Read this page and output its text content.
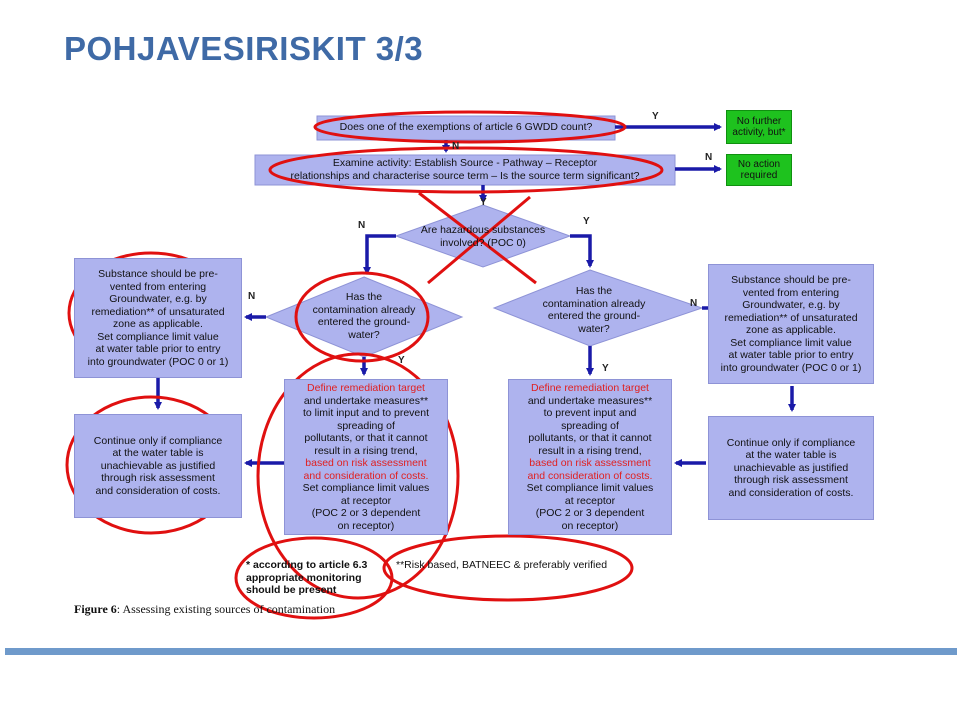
POHJAVESIRISKIT 3/3
Does one of the exemptions of article 6 GWDD count?
Examine activity: Establish Source - Pathway – Receptor
relationships and characterise source term – Is the source term significant?
No further
activity, but*
No action
required
Are hazardous substances
involved? (POC 0)
Has the
contamination already
entered the ground-
water?
Has the
contamination already
entered the ground-
water?
Substance should be pre-
vented from entering
Groundwater, e.g. by
remediation** of unsaturated
zone as applicable.
Set compliance limit value
at water table prior to entry
into groundwater (POC 0 or 1)
Substance should be pre-
vented from entering
Groundwater, e.g. by
remediation** of unsaturated
zone as applicable.
Set compliance limit value
at water table prior to entry
into groundwater (POC 0 or 1)
Continue only if compliance
at the water table is
unachievable as justified
through risk assessment
and consideration of costs.
Continue only if compliance
at the water table is
unachievable as justified
through risk assessment
and consideration of costs.
Define remediation target
and undertake measures**
to limit input and to prevent
spreading of
pollutants, or that it cannot
result in a rising trend,
based on risk assessment
and consideration of costs.
Set compliance limit values
at receptor
(POC 2 or 3 dependent
on receptor)
Define remediation target
and undertake measures**
to prevent input and
spreading of
pollutants, or that it cannot
result in a rising trend,
based on risk assessment
and consideration of costs.
Set compliance limit values
at receptor
(POC 2 or 3 dependent
on receptor)
Y
N
N
Y
N	Y
N
N
Y
Y
* according to article 6.3
appropriate monitoring
should be present
**Risk based, BATNEEC & preferably verified
Figure 6: Assessing existing sources of contamination
